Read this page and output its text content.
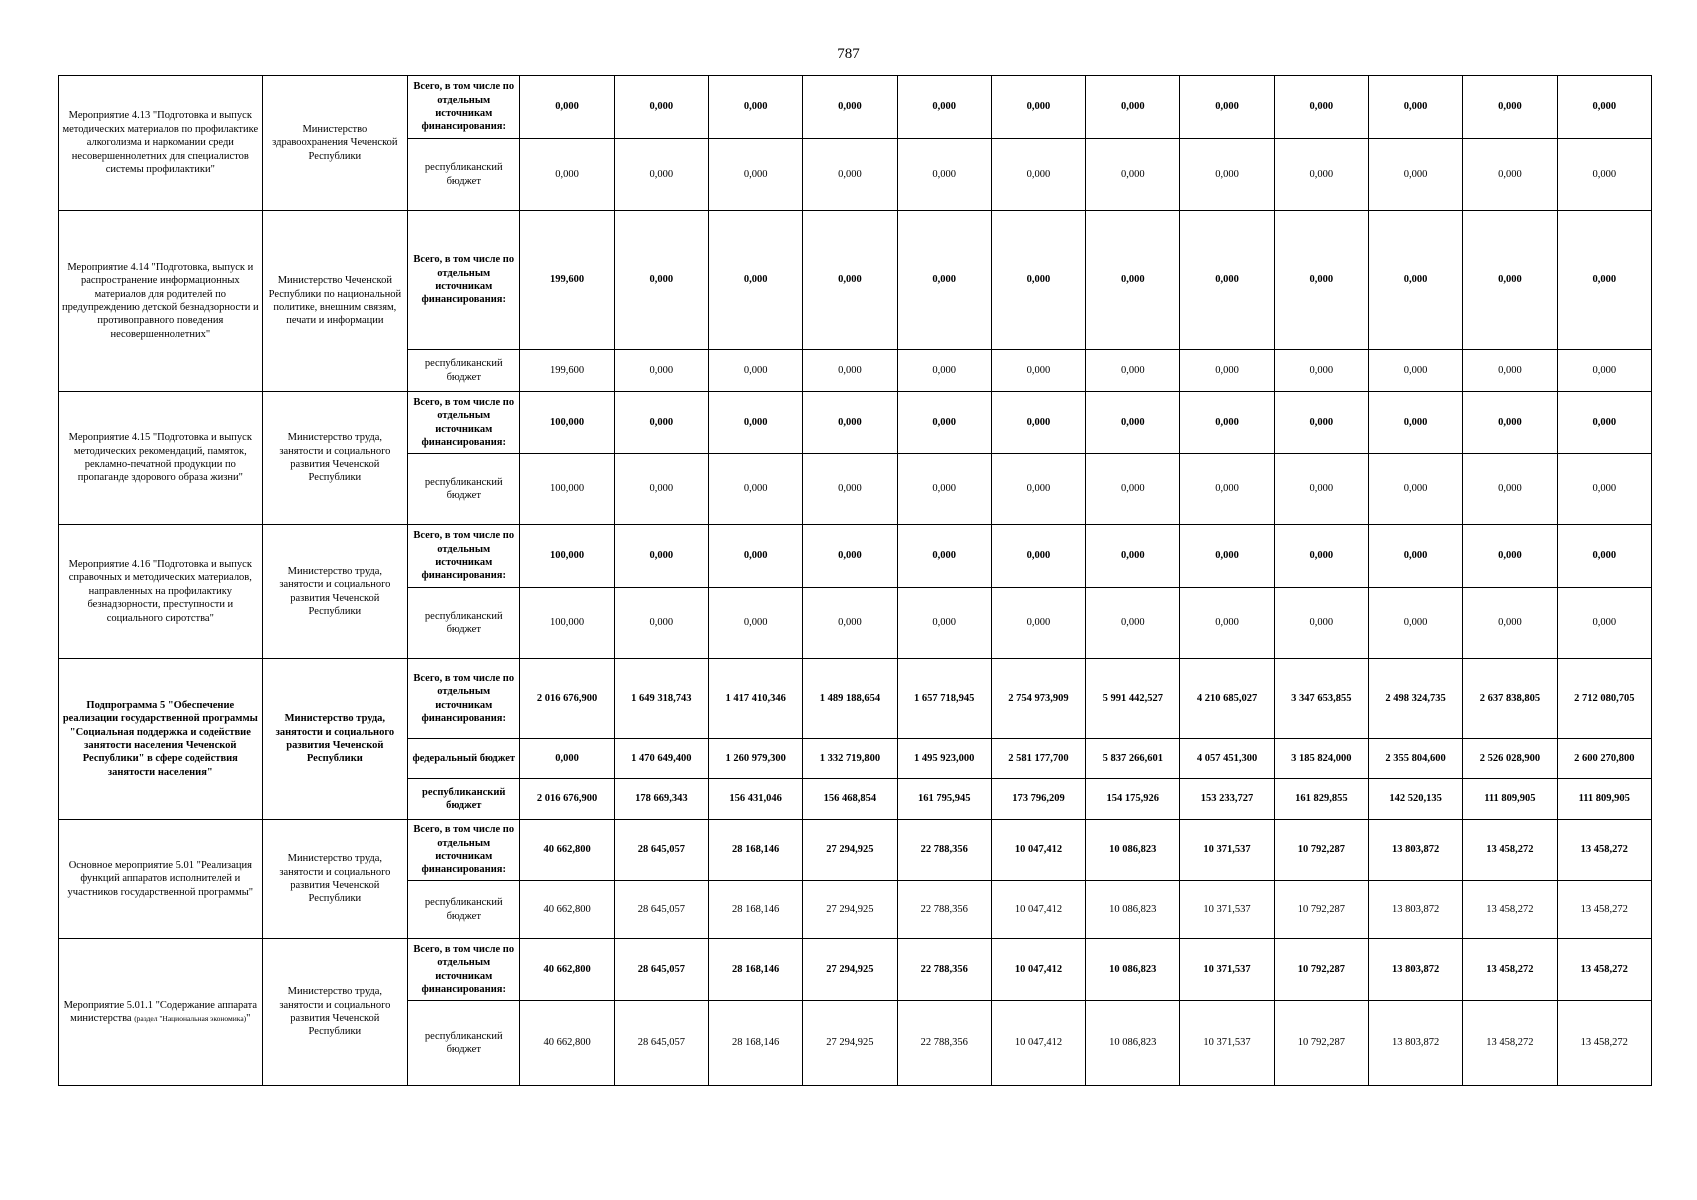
787
Мероприятие 4.13 "Подготовка и выпуск методических материалов по профилактике алкоголизма и наркомании среди несовершеннолетних для специалистов системы профилактики"	Министерство здравоохранения Чеченской Республики	Всего, в том числе по отдельным источникам финансирования:	0,000	0,000	0,000	0,000	0,000	0,000	0,000	0,000	0,000	0,000	0,000	0,000
		республиканский бюджет	0,000	0,000	0,000	0,000	0,000	0,000	0,000	0,000	0,000	0,000	0,000	0,000
Мероприятие 4.14 "Подготовка, выпуск и распространение информационных материалов для родителей по предупреждению детской безнадзорности и противоправного поведения несовершеннолетних"	Министерство Чеченской Республики по национальной политике, внешним связям, печати и информации	Всего, в том числе по отдельным источникам финансирования:	199,600	0,000	0,000	0,000	0,000	0,000	0,000	0,000	0,000	0,000	0,000	0,000
		республиканский бюджет	199,600	0,000	0,000	0,000	0,000	0,000	0,000	0,000	0,000	0,000	0,000	0,000
Мероприятие 4.15 "Подготовка и выпуск методических рекомендаций, памяток, рекламно-печатной продукции по пропаганде здорового образа жизни"	Министерство труда, занятости и социального развития Чеченской Республики	Всего, в том числе по отдельным источникам финансирования:	100,000	0,000	0,000	0,000	0,000	0,000	0,000	0,000	0,000	0,000	0,000	0,000
		республиканский бюджет	100,000	0,000	0,000	0,000	0,000	0,000	0,000	0,000	0,000	0,000	0,000	0,000
Мероприятие 4.16 "Подготовка и выпуск справочных и методических материалов, направленных на профилактику безнадзорности, преступности и социального сиротства"	Министерство труда, занятости и социального развития Чеченской Республики	Всего, в том числе по отдельным источникам финансирования:	100,000	0,000	0,000	0,000	0,000	0,000	0,000	0,000	0,000	0,000	0,000	0,000
		республиканский бюджет	100,000	0,000	0,000	0,000	0,000	0,000	0,000	0,000	0,000	0,000	0,000	0,000
Подпрограмма 5 "Обеспечение реализации государственной программы "Социальная поддержка и содействие занятости населения Чеченской Республики" в сфере содействия занятости населения"	Министерство труда, занятости и социального развития Чеченской Республики	Всего, в том числе по отдельным источникам финансирования:	2 016 676,900	1 649 318,743	1 417 410,346	1 489 188,654	1 657 718,945	2 754 973,909	5 991 442,527	4 210 685,027	3 347 653,855	2 498 324,735	2 637 838,805	2 712 080,705
		федеральный бюджет	0,000	1 470 649,400	1 260 979,300	1 332 719,800	1 495 923,000	2 581 177,700	5 837 266,601	4 057 451,300	3 185 824,000	2 355 804,600	2 526 028,900	2 600 270,800
		республиканский бюджет	2 016 676,900	178 669,343	156 431,046	156 468,854	161 795,945	173 796,209	154 175,926	153 233,727	161 829,855	142 520,135	111 809,905	111 809,905
Основное мероприятие 5.01 "Реализация функций аппаратов исполнителей и участников государственной программы"	Министерство труда, занятости и социального развития Чеченской Республики	Всего, в том числе по отдельным источникам финансирования:	40 662,800	28 645,057	28 168,146	27 294,925	22 788,356	10 047,412	10 086,823	10 371,537	10 792,287	13 803,872	13 458,272	13 458,272
		республиканский бюджет	40 662,800	28 645,057	28 168,146	27 294,925	22 788,356	10 047,412	10 086,823	10 371,537	10 792,287	13 803,872	13 458,272	13 458,272
Мероприятие 5.01.1 "Содержание аппарата министерства (раздел "Национальная экономика)"	Министерство труда, занятости и социального развития Чеченской Республики	Всего, в том числе по отдельным источникам финансирования:	40 662,800	28 645,057	28 168,146	27 294,925	22 788,356	10 047,412	10 086,823	10 371,537	10 792,287	13 803,872	13 458,272	13 458,272
		республиканский бюджет	40 662,800	28 645,057	28 168,146	27 294,925	22 788,356	10 047,412	10 086,823	10 371,537	10 792,287	13 803,872	13 458,272	13 458,272
